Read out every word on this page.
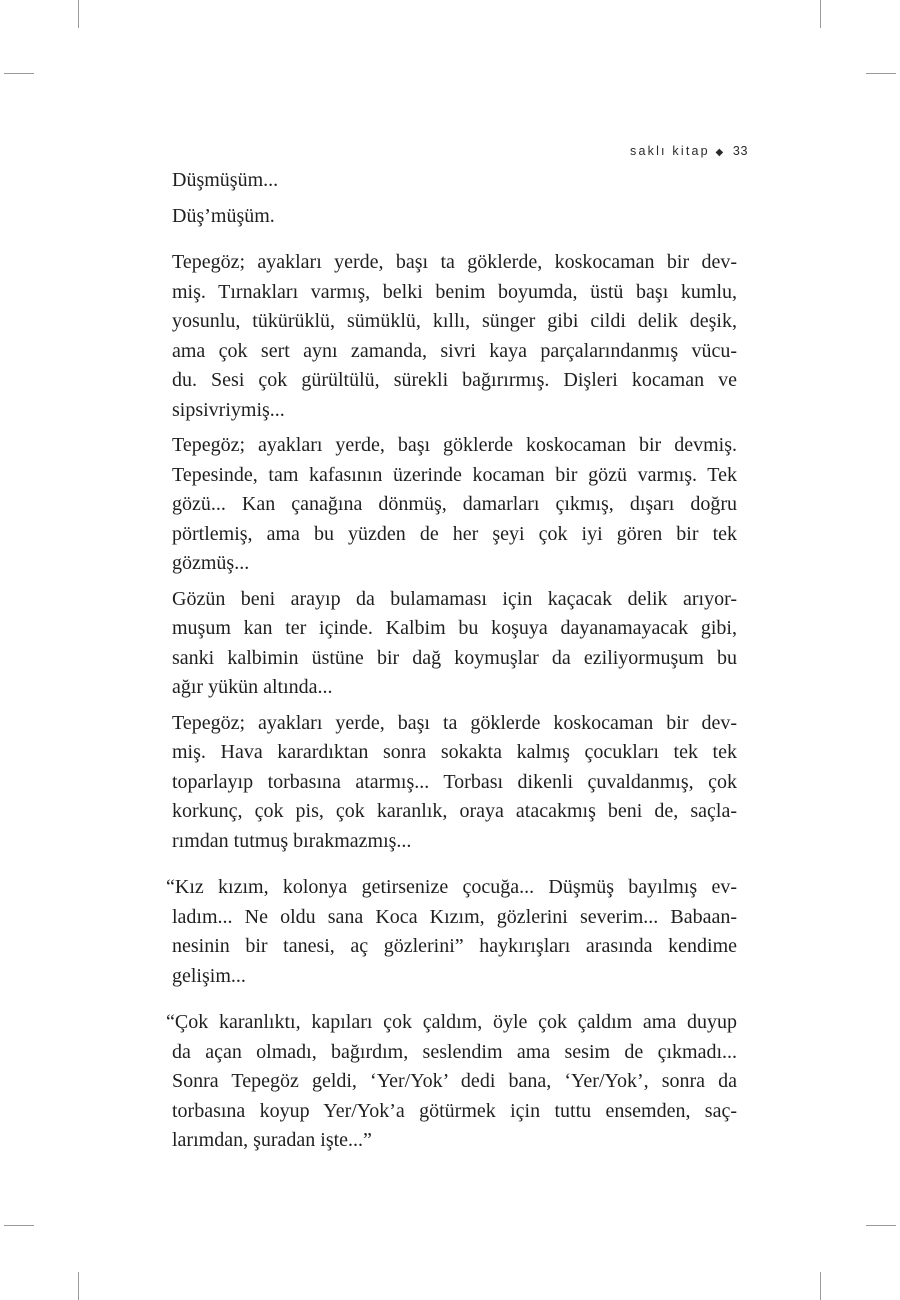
saklı kitap ◆ 33
Düşmüşüm...
Düş’müşüm.
Tepegöz; ayakları yerde, başı ta göklerde, koskocaman bir dev-
miş. Tırnakları varmış, belki benim boyumda, üstü başı kumlu,
yosunlu, tükürüklü, sümüklü, kıllı, sünger gibi cildi delik deşik,
ama çok sert aynı zamanda, sivri kaya parçalarındanmış vücu-
du. Sesi çok gürültülü, sürekli bağırırmış. Dişleri kocaman ve
sipsivriymiş...
Tepegöz; ayakları yerde, başı göklerde koskocaman bir devmiş.
Tepesinde, tam kafasının üzerinde kocaman bir gözü varmış. Tek
gözü... Kan çanağına dönmüş, damarları çıkmış, dışarı doğru
pörtlemiş, ama bu yüzden de her şeyi çok iyi gören bir tek
gözmüş...
Gözün beni arayıp da bulamaması için kaçacak delik arıyor-
muşum kan ter içinde. Kalbim bu koşuya dayanamayacak gibi,
sanki kalbimin üstüne bir dağ koymuşlar da eziliyormuşum bu
ağır yükün altında...
Tepegöz; ayakları yerde, başı ta göklerde koskocaman bir dev-
miş. Hava karardıktan sonra sokakta kalmış çocukları tek tek
toparlayıp torbasına atarmış... Torbası dikenli çuvaldanmış, çok
korkunç, çok pis, çok karanlık, oraya atacakmış beni de, saçla-
rımdan tutmuş bırakmazmış...
“Kız kızım, kolonya getirsenize çocuğa... Düşmüş bayılmış ev-
ladım... Ne oldu sana Koca Kızım, gözlerini severim... Babaan-
nesinin bir tanesi, aç gözlerini” haykırışları arasında kendime
gelişim...
“Çok karanlıktı, kapıları çok çaldım, öyle çok çaldım ama duyup
da açan olmadı, bağırdım, seslendim ama sesim de çıkmadı...
Sonra Tepegöz geldi, ‘Yer/Yok’ dedi bana, ‘Yer/Yok’, sonra da
torbasına koyup Yer/Yok’a götürmek için tuttu ensemden, saç-
larımdan, şuradan işte...”
